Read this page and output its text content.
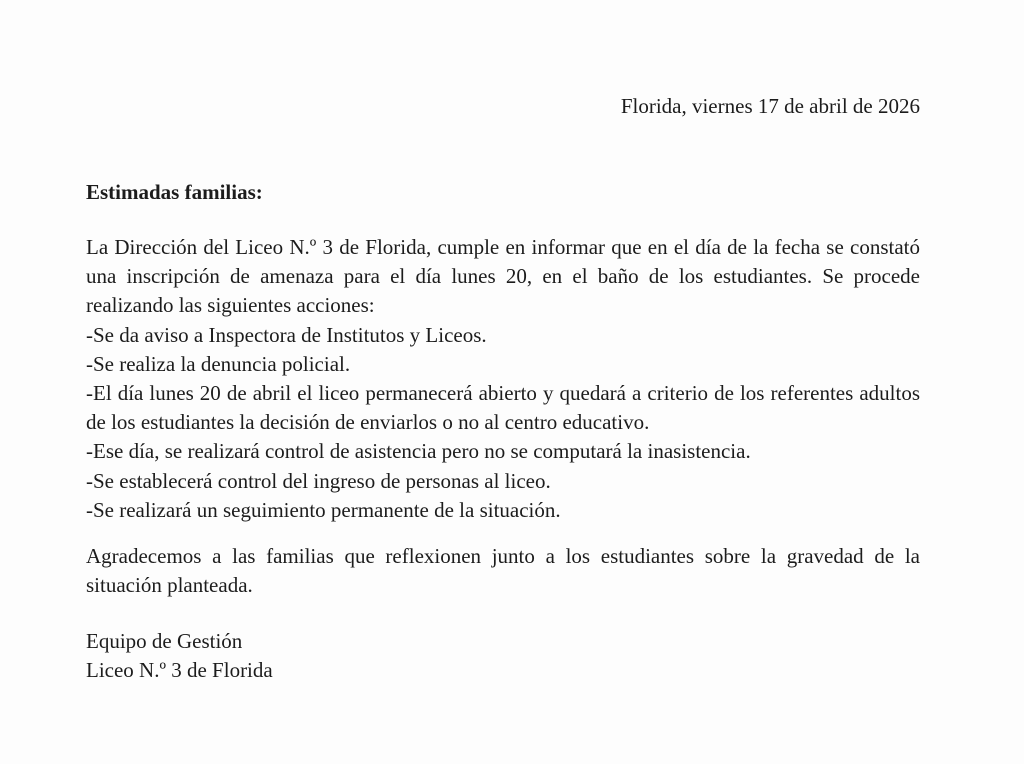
Florida, viernes 17 de abril de 2026
Estimadas familias:

La Dirección del Liceo N.º 3 de Florida, cumple en informar que en el día de la fecha se constató una inscripción de amenaza para el día lunes 20, en el baño de los estudiantes. Se procede realizando las siguientes acciones:

-Se da aviso a Inspectora de Institutos y Liceos.
-Se realiza la denuncia policial.
-El día lunes 20 de abril el liceo permanecerá abierto y quedará a criterio de los referentes adultos de los estudiantes la decisión de enviarlos o no al centro educativo.
-Ese día, se realizará control de asistencia pero no se computará la inasistencia.
-Se establecerá control del ingreso de personas al liceo.
-Se realizará un seguimiento permanente de la situación.

Agradecemos a las familias que reflexionen junto a los estudiantes sobre la gravedad de la situación planteada.

Equipo de Gestión
Liceo N.º 3 de Florida
